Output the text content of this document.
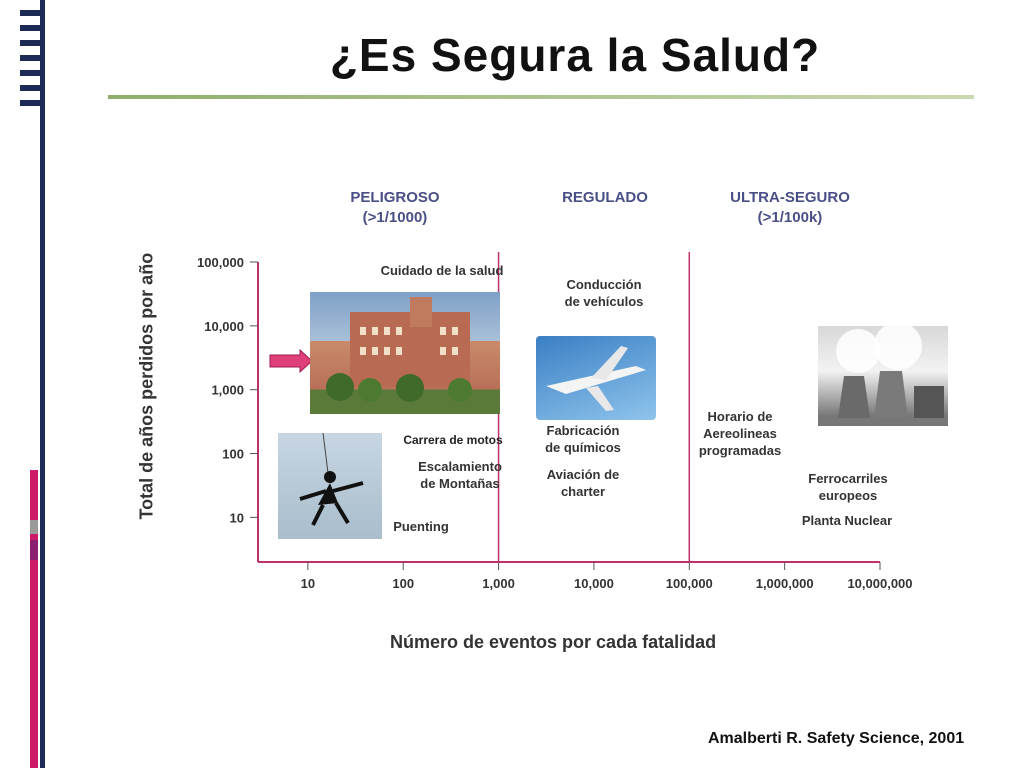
¿Es Segura la Salud?
PELIGROSO
(>1/1000)
REGULADO	ULTRA-SEGURO
(>1/100k)
100,000
10,000
1,000
100
10
10	100	1,000	10,000	100,000	1,000,000	10,000,000
Cuidado de la salud
Carrera de motos
Escalamiento
de Montañas
Puenting
Conducción
de vehículos
Fabricación
de químicos
Aviación de
charter
Horario de
Aereolineas
programadas
Ferrocarriles
europeos
Planta Nuclear
Número de eventos por cada fatalidad
Total de años perdidos por año
Amalberti R. Safety Science, 2001
